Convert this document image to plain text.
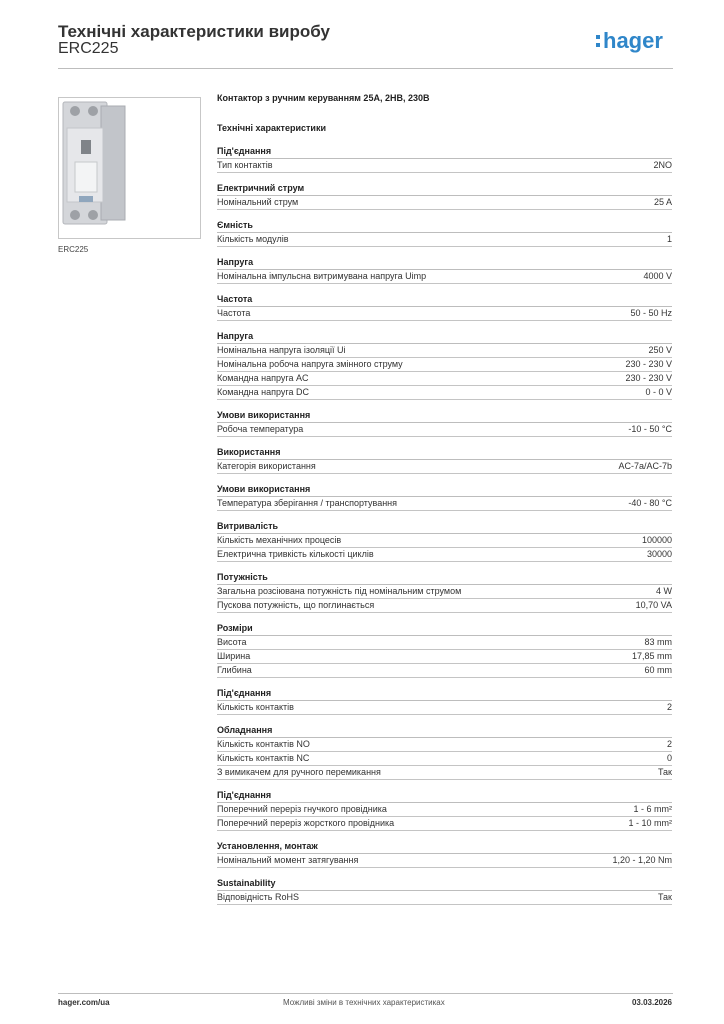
Технічні характеристики виробу
ERC225	hager
ERC225
Контактор з ручним керуванням 25А, 2НВ, 230В
Технічні характеристики
Під'єднання
Тип контактів	2NO
Електричний струм
Номінальний струм	25 A
Ємність
Кількість модулів	1
Напруга
Номінальна імпульсна витримувана напруга Uimp	4000 V
Частота
Частота	50 - 50 Hz
Напруга
Номінальна напруга ізоляції Ui	250 V
Номінальна робоча напруга змінного струму	230 - 230 V
Командна напруга AC	230 - 230 V
Командна напруга DC	0 - 0 V
Умови використання
Робоча температура	-10 - 50 °C
Використання
Категорія використання	AC-7a/AC-7b
Умови використання
Температура зберігання / транспортування	-40 - 80 °C
Витривалість
Кількість механічних процесів	100000
Електрична тривкість кількості циклів	30000
Потужність
Загальна розсіювана потужність під номінальним струмом	4 W
Пускова потужність, що поглинається	10,70 VA
Розміри
Висота	83 mm
Ширина	17,85 mm
Глибина	60 mm
Під'єднання
Кількість контактів	2
Обладнання
Кількість контактів NO	2
Кількість контактів NC	0
З вимикачем для ручного перемикання	Так
Під'єднання
Поперечний переріз гнучкого провідника	1 - 6 mm²
Поперечний переріз жорсткого провідника	1 - 10 mm²
Установлення, монтаж
Номінальний момент затягування	1,20 - 1,20 Nm
Sustainability
Відповідність RoHS	Так
hager.com/ua	Можливі зміни в технічних характеристиках	03.03.2026
